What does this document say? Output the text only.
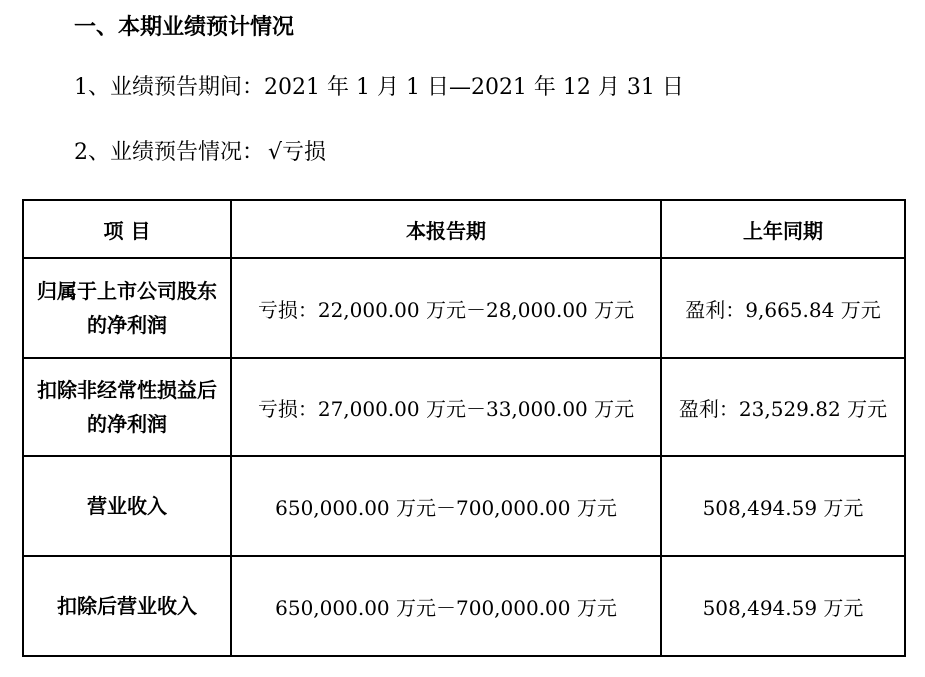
一、本期业绩预计情况
1、业绩预告期间：2021 年 1 月 1 日—2021 年 12 月 31 日
2、业绩预告情况： √亏损
项 目	本报告期	上年同期
归属于上市公司股东的净利润	亏损：22,000.00 万元－28,000.00 万元	盈利：9,665.84 万元
扣除非经常性损益后的净利润	亏损：27,000.00 万元－33,000.00 万元	盈利：23,529.82 万元
营业收入	650,000.00 万元－700,000.00 万元	508,494.59 万元
扣除后营业收入	650,000.00 万元－700,000.00 万元	508,494.59 万元
